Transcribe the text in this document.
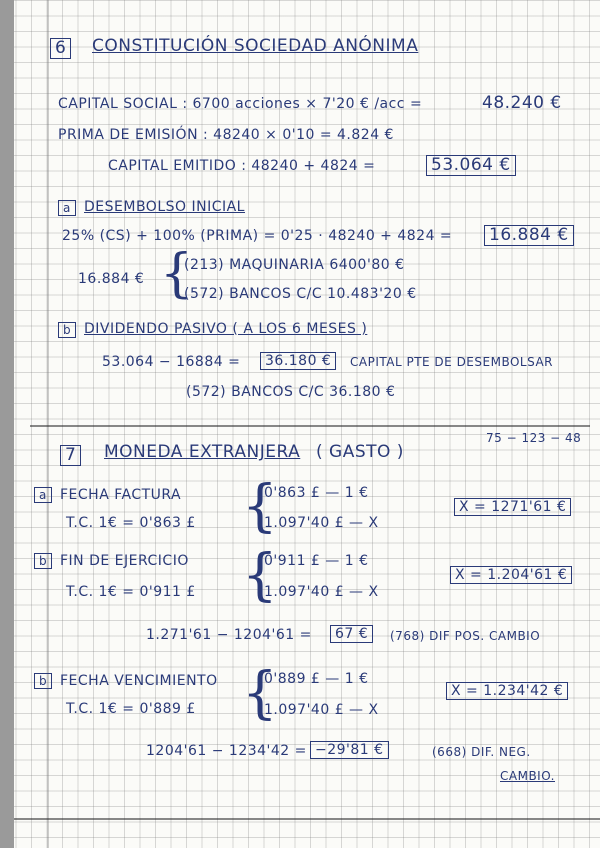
6 CONSTITUCIÓN SOCIEDAD ANÓNIMA
CAPITAL SOCIAL : 6700 acciones × 7'20 € /acc =	48.240 €
PRIMA DE EMISIÓN : 48240 × 0'10 = 4.824 €
CAPITAL EMITIDO : 48240 + 4824 =	53.064 €
a DESEMBOLSO INICIAL
25% (CS) + 100% (PRIMA) = 0'25 · 48240 + 4824 = 16.884 €
16.884 € {
(213) MAQUINARIA 6400'80 €
(572) BANCOS C/C 10.483'20 €
b DIVIDENDO PASIVO ( A LOS 6 MESES )
53.064 − 16884 =	36.180 €	CAPITAL PTE DE DESEMBOLSAR
(572) BANCOS C/C 36.180 €
75 − 123 − 48
7 MONEDA EXTRANJERA ( GASTO )
a FECHA FACTURA
T.C. 1€ = 0'863 £ {
0'863 £ — 1 €
1.097'40 £ — X
X = 1271'61 €
b FIN DE EJERCICIO
T.C. 1€ = 0'911 £ {
0'911 £ — 1 €
1.097'40 £ — X
X = 1.204'61 €
1.271'61 − 1204'61 =	67 €	(768) DIF POS. CAMBIO
b FECHA VENCIMIENTO
T.C. 1€ = 0'889 £ {
0'889 £ — 1 €
1.097'40 £ — X
X = 1.234'42 €
1204'61 − 1234'42 = −29'81 €	(668) DIF. NEG.
CAMBIO.
